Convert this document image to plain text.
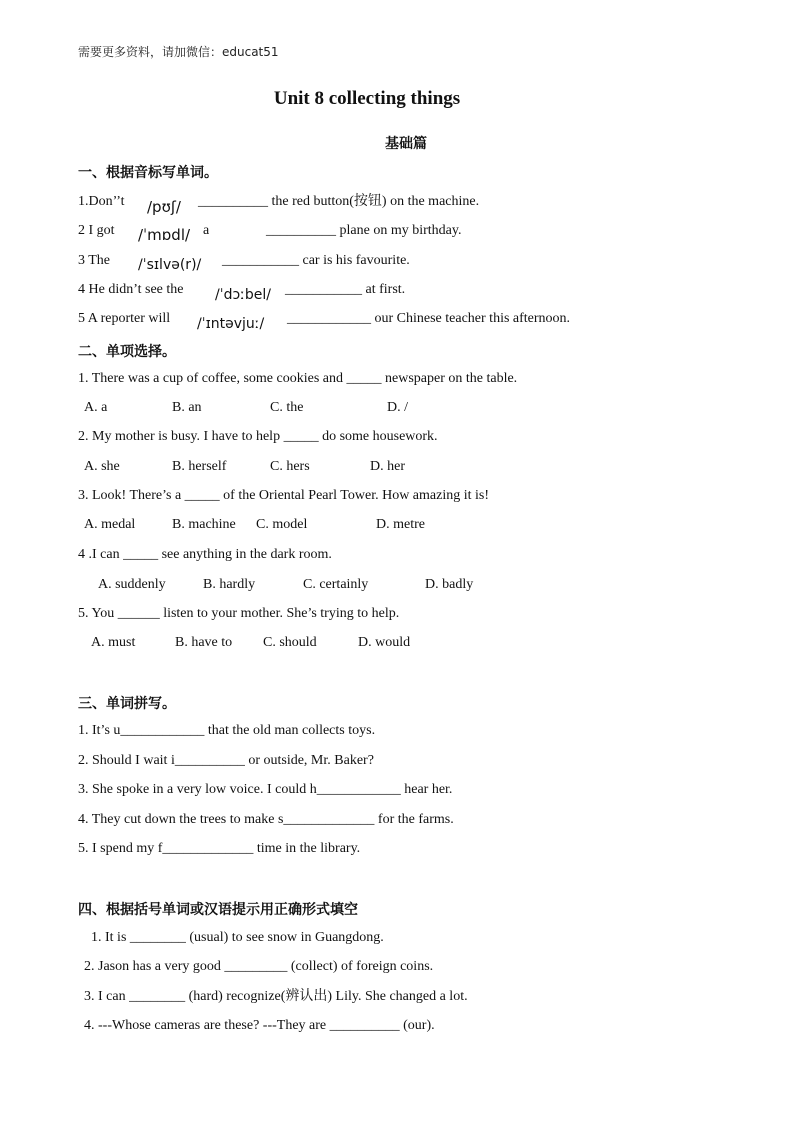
需要更多资料，请加微信：educat51
Unit 8 collecting things
基础篇
一、根据音标写单词。
1.Don’’t /pʊʃ/ __________ the red button(按钮) on the machine.
2 I got /ˈmɒdl/ a	__________ plane on my birthday.
3 The /ˈsɪlvə(r)/ ___________ car is his favourite.
4 He didn’t see the /ˈdɔːbel/ ___________ at first.
5 A reporter will /ˈɪntəvjuː/ ____________ our Chinese teacher this afternoon.
二、单项选择。
1. There was a cup of coffee, some cookies and _____ newspaper on the table.
A. a	B. an	C. the	D. /
2. My mother is busy. I have to help _____ do some housework.
A. she	B. herself	C. hers	D. her
3. Look! There’s a _____ of the Oriental Pearl Tower. How amazing it is!
A. medal	B. machine C. model	D. metre
4 .I can _____ see anything in the dark room.
A. suddenly	B. hardly	C. certainly	D. badly
5. You ______ listen to your mother. She’s trying to help.
A. must	B. have to C. should	D. would
三、单词拼写。
1. It’s u____________ that the old man collects toys.
2. Should I wait i__________ or outside, Mr. Baker?
3. She spoke in a very low voice. I could h____________ hear her.
4. They cut down the trees to make s_____________ for the farms.
5. I spend my f_____________ time in the library.
四、根据括号单词或汉语提示用正确形式填空
1. It is ________ (usual) to see snow in Guangdong.
2. Jason has a very good _________ (collect) of foreign coins.
3. I can ________ (hard) recognize(辨认出) Lily. She changed a lot.
4. ---Whose cameras are these? ---They are __________ (our).
